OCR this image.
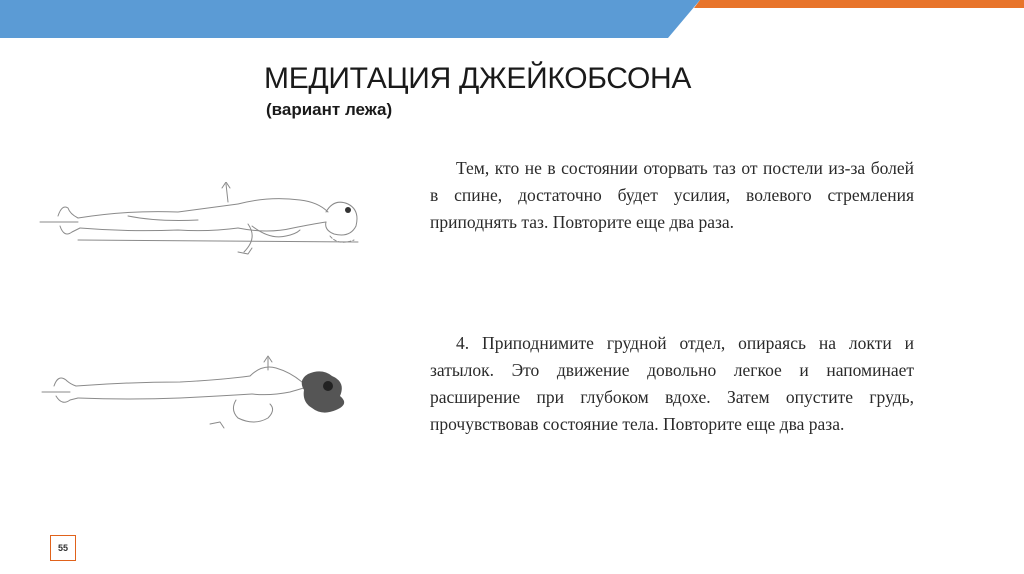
МЕДИТАЦИЯ ДЖЕЙКОБСОНА
(вариант лежа)

Тем, кто не в состоянии оторвать таз от постели из-за болей в спине, достаточно будет усилия, волевого стремления приподнять таз. Повторите еще два раза.

4. Приподнимите грудной отдел, опираясь на локти и затылок. Это движение довольно легкое и напоминает расширение при глубоком вдохе. Затем опустите грудь, прочувствовав состояние тела. Повторите еще два раза.

55
